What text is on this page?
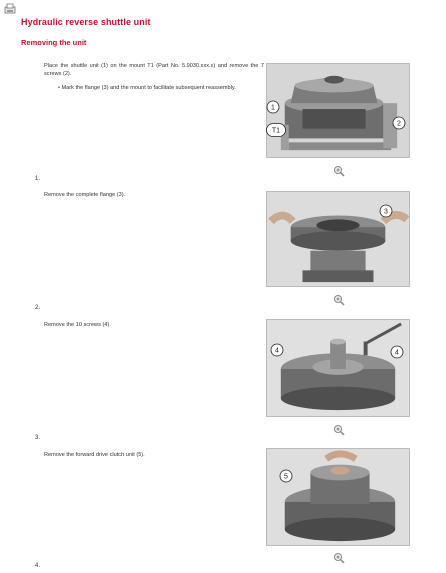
Hydraulic reverse shuttle unit
Removing the unit
Place the shuttle unit (1) on the mount T1 (Part No. 5.9030.xxx.x) and remove the 7 screws (2).
• Mark the flange (3) and the mount to facilitate subsequent reassembly.
1
2
T1
1.
Remove the complete flange (3).
3
2.
Remove the 10 screws (4).
4	4
3.
Remove the forward drive clutch unit (5).
5
4.
